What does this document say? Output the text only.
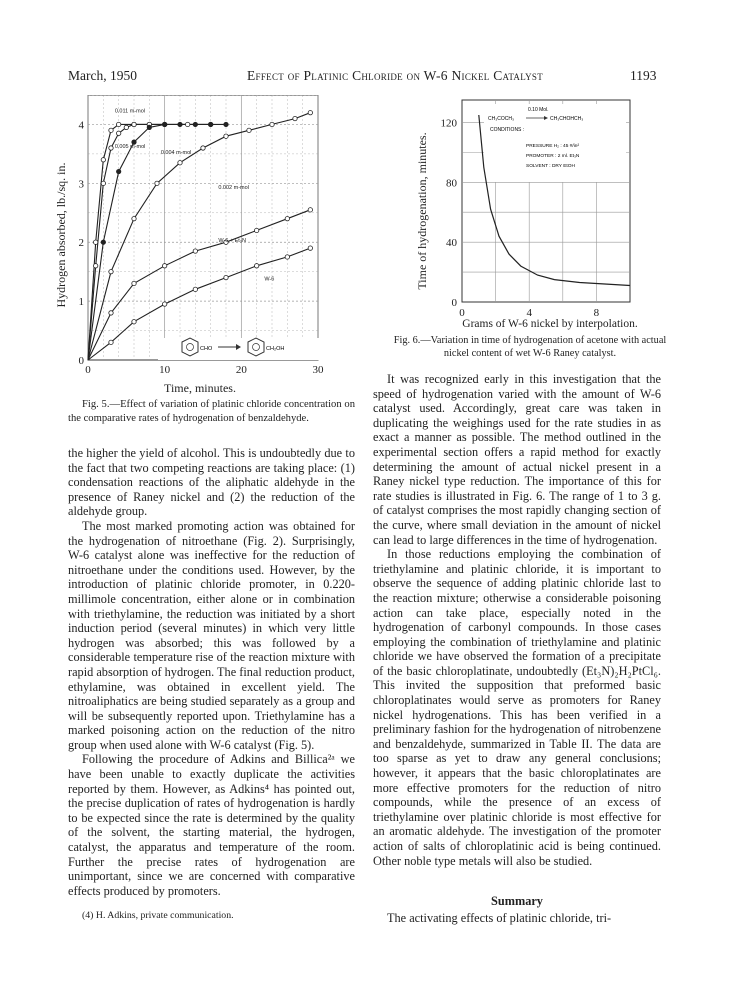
March, 1950	Effect of Platinic Chloride on W-6 Nickel Catalyst	1193
0.011 m-mol
0.005 m-mol
0.004 m-mol
0.002 m-mol
W-6 + Et₃N
W-6
CHO	CH₂OH
0	10	20	30
0
1
2
3
4
Hydrogen absorbed, lb./sq. in.
Time, minutes.
Fig. 5.—Effect of variation of platinic chloride concentration on the comparative rates of hydrogenation of benzaldehyde.
0.10 Mol.
CH₃COCH₃	CH₃CHOHCH₃
CONDITIONS :
PRESSURE H₂ : 45 #/in²
PROMOTER : 2 ml. Et₃N
SOLVENT : DRY EtOH
0	4	8
0
40
80
120
Time of hydrogenation, minutes.
Grams of W-6 nickel by interpolation.
Fig. 6.—Variation in time of hydrogenation of acetone with actual nickel content of wet W-6 Raney catalyst.

the higher the yield of alcohol. This is undoubtedly due to the fact that two competing reactions are taking place: (1) condensation reactions of the aliphatic aldehyde in the presence of Raney nickel and (2) the reduction of the aldehyde group.

The most marked promoting action was obtained for the hydrogenation of nitroethane (Fig. 2). Surprisingly, W-6 catalyst alone was ineffective for the reduction of nitroethane under the conditions used. However, by the introduction of platinic chloride promoter, in 0.220-millimole concentration, either alone or in combination with triethylamine, the reduction was initiated by a short induction period (several minutes) in which very little hydrogen was absorbed; this was followed by a considerable temperature rise of the reaction mixture with rapid absorption of hydrogen. The final reduction product, ethylamine, was obtained in excellent yield. The nitroaliphatics are being studied separately as a group and will be subsequently reported upon. Triethylamine has a marked poisoning action on the reduction of the nitro group when used alone with W-6 catalyst (Fig. 5).

Following the procedure of Adkins and Billica²ᵃ we have been unable to exactly duplicate the activities reported by them. However, as Adkins⁴ has pointed out, the precise duplication of rates of hydrogenation is hardly to be expected since the rate is determined by the quality of the solvent, the starting material, the hydrogen, catalyst, the apparatus and temperature of the room. Further the precise rates of hydrogenation are unimportant, since we are concerned with comparative effects produced by promoters.

(4) H. Adkins, private communication.

It was recognized early in this investigation that the speed of hydrogenation varied with the amount of W-6 catalyst used. Accordingly, great care was taken in duplicating the weighings used for the rate studies in as exact a manner as possible. The method outlined in the experimental section offers a rapid method for exactly determining the amount of actual nickel present in a Raney nickel type reduction. The importance of this for rate studies is illustrated in Fig. 6. The range of 1 to 3 g. of catalyst comprises the most rapidly changing section of the curve, where small deviation in the amount of nickel can lead to large differences in the time of hydrogenation.

In those reductions employing the combination of triethylamine and platinic chloride, it is important to observe the sequence of adding platinic chloride last to the reaction mixture; otherwise a considerable poisoning action can take place, especially noted in the hydrogenation of carbonyl compounds. In those cases employing the combination of triethylamine and platinic chloride we have observed the formation of a precipitate of the basic chloroplatinate, undoubtedly (Et₃N)₂H₂PtCl₆. This invited the supposition that preformed basic chloroplatinates would serve as promoters for Raney nickel hydrogenations. This has been verified in a preliminary fashion for the hydrogenation of nitrobenzene and benzaldehyde, summarized in Table II. The data are too sparse as yet to draw any general conclusions; however, it appears that the basic chloroplatinates are more effective promoters for the reduction of nitro compounds, while the presence of an excess of triethylamine over platinic chloride is most effective for an aromatic aldehyde. The investigation of the promoter action of salts of chloroplatinic acid is being continued. Other noble type metals will also be studied.

Summary
The activating effects of platinic chloride, tri-
